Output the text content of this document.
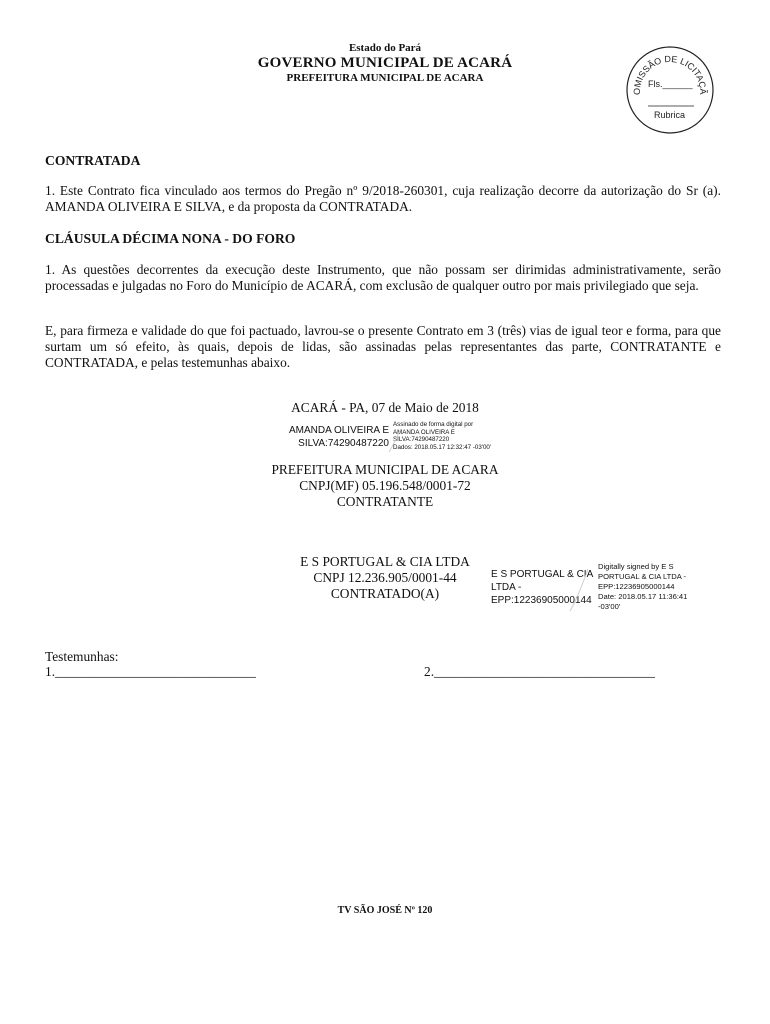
Estado do Pará
GOVERNO MUNICIPAL DE ACARÁ
PREFEITURA MUNICIPAL DE ACARA
OMISSÃO DE LICITAÇÃ
Fls.______
Rubrica
CONTRATADA
1. Este Contrato fica vinculado aos termos do Pregão nº 9/2018-260301, cuja realização decorre da autorização do Sr (a). AMANDA OLIVEIRA E SILVA, e da proposta da CONTRATADA.
CLÁUSULA DÉCIMA NONA - DO FORO
1. As questões decorrentes da execução deste Instrumento, que não possam ser dirimidas administrativamente, serão processadas e julgadas no Foro do Município de ACARÁ, com exclusão de qualquer outro por mais privilegiado que seja.
E, para firmeza e validade do que foi pactuado, lavrou-se o presente Contrato em 3 (três) vias de igual teor e forma, para que surtam um só efeito, às quais, depois de lidas, são assinadas pelas representantes das parte, CONTRATANTE e CONTRATADA, e pelas testemunhas abaixo.
ACARÁ - PA, 07 de Maio de 2018
AMANDA OLIVEIRA E
SILVA:74290487220
Assinado de forma digital por
AMANDA OLIVEIRA E
SILVA:74290487220
Dados: 2018.05.17 12:32:47 -03'00'
PREFEITURA MUNICIPAL DE ACARA
CNPJ(MF) 05.196.548/0001-72
CONTRATANTE
E S PORTUGAL & CIA LTDA
CNPJ 12.236.905/0001-44
CONTRATADO(A)
E S PORTUGAL & CIA
LTDA -
EPP:12236905000144
Digitally signed by E S
PORTUGAL & CIA LTDA -
EPP:12236905000144
Date: 2018.05.17 11:36:41
-03'00'
Testemunhas:
1.______________________________	2._________________________________
TV SÃO JOSÉ Nº 120
